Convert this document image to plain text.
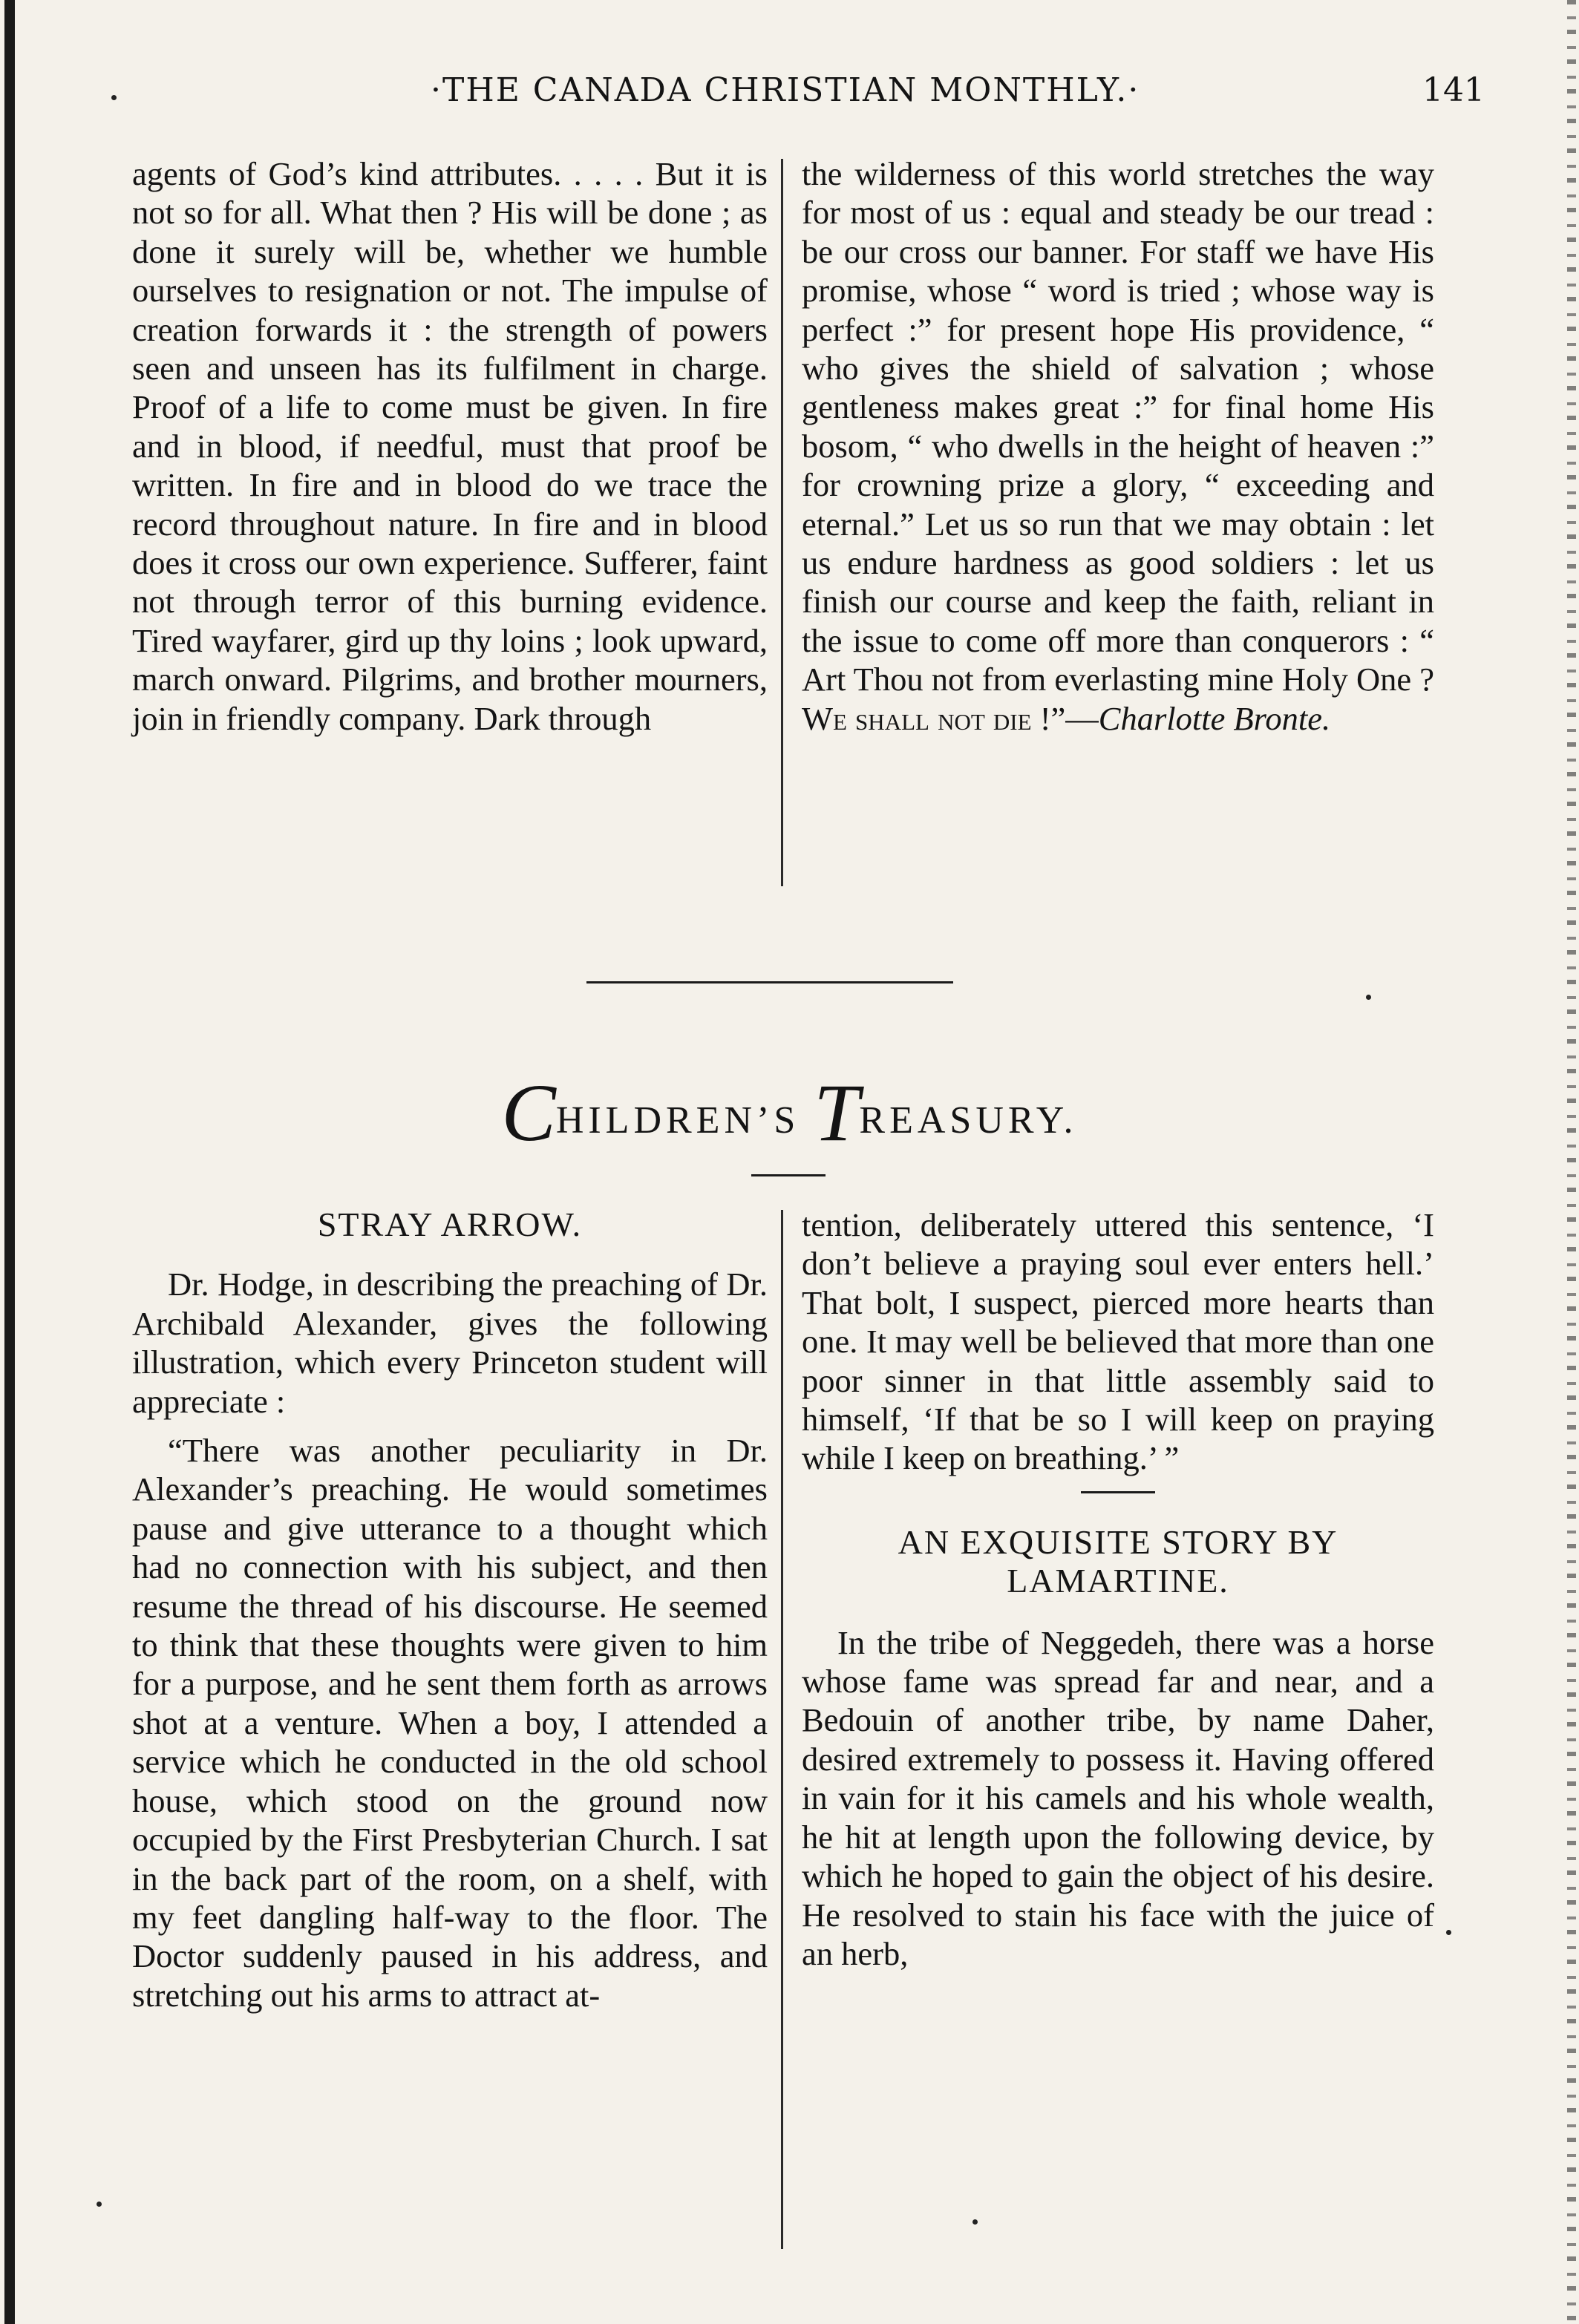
·THE CANADA CHRISTIAN MONTHLY.·	141

agents of God’s kind attributes. . . . . But it is not so for all. What then ? His will be done ; as done it surely will be, whether we humble ourselves to resignation or not. The impulse of creation forwards it : the strength of powers seen and unseen has its fulfilment in charge. Proof of a life to come must be given. In fire and in blood, if needful, must that proof be written. In fire and in blood do we trace the record throughout nature. In fire and in blood does it cross our own experience. Sufferer, faint not through terror of this burning evidence. Tired wayfarer, gird up thy loins ; look upward, march onward. Pilgrims, and brother mourners, join in friendly company. Dark through

the wilderness of this world stretches the way for most of us : equal and steady be our tread : be our cross our banner. For staff we have His promise, whose “ word is tried ; whose way is perfect :” for present hope His providence, “ who gives the shield of salvation ; whose gentleness makes great :” for final home His bosom, “ who dwells in the height of heaven :” for crowning prize a glory, “ exceeding and eternal.” Let us so run that we may obtain : let us endure hardness as good soldiers : let us finish our course and keep the faith, reliant in the issue to come off more than conquerors : “ Art Thou not from everlasting mine Holy One ? We shall not die !”—Charlotte Bronte.

CHILDREN’S TREASURY.
STRAY ARROW.

Dr. Hodge, in describing the preaching of Dr. Archibald Alexander, gives the following illustration, which every Princeton student will appreciate :

“There was another peculiarity in Dr. Alexander’s preaching. He would sometimes pause and give utterance to a thought which had no connection with his subject, and then resume the thread of his discourse. He seemed to think that these thoughts were given to him for a purpose, and he sent them forth as arrows shot at a venture. When a boy, I attended a service which he conducted in the old school house, which stood on the ground now occupied by the First Presbyterian Church. I sat in the back part of the room, on a shelf, with my feet dangling half-way to the floor. The Doctor suddenly paused in his address, and stretching out his arms to attract at-

tention, deliberately uttered this sentence, ‘I don’t believe a praying soul ever enters hell.’ That bolt, I suspect, pierced more hearts than one. It may well be believed that more than one poor sinner in that little assembly said to himself, ‘If that be so I will keep on praying while I keep on breathing.’ ”

AN EXQUISITE STORY BY
LAMARTINE.

In the tribe of Neggedeh, there was a horse whose fame was spread far and near, and a Bedouin of another tribe, by name Daher, desired extremely to possess it. Having offered in vain for it his camels and his whole wealth, he hit at length upon the following device, by which he hoped to gain the object of his desire. He resolved to stain his face with the juice of an herb,
